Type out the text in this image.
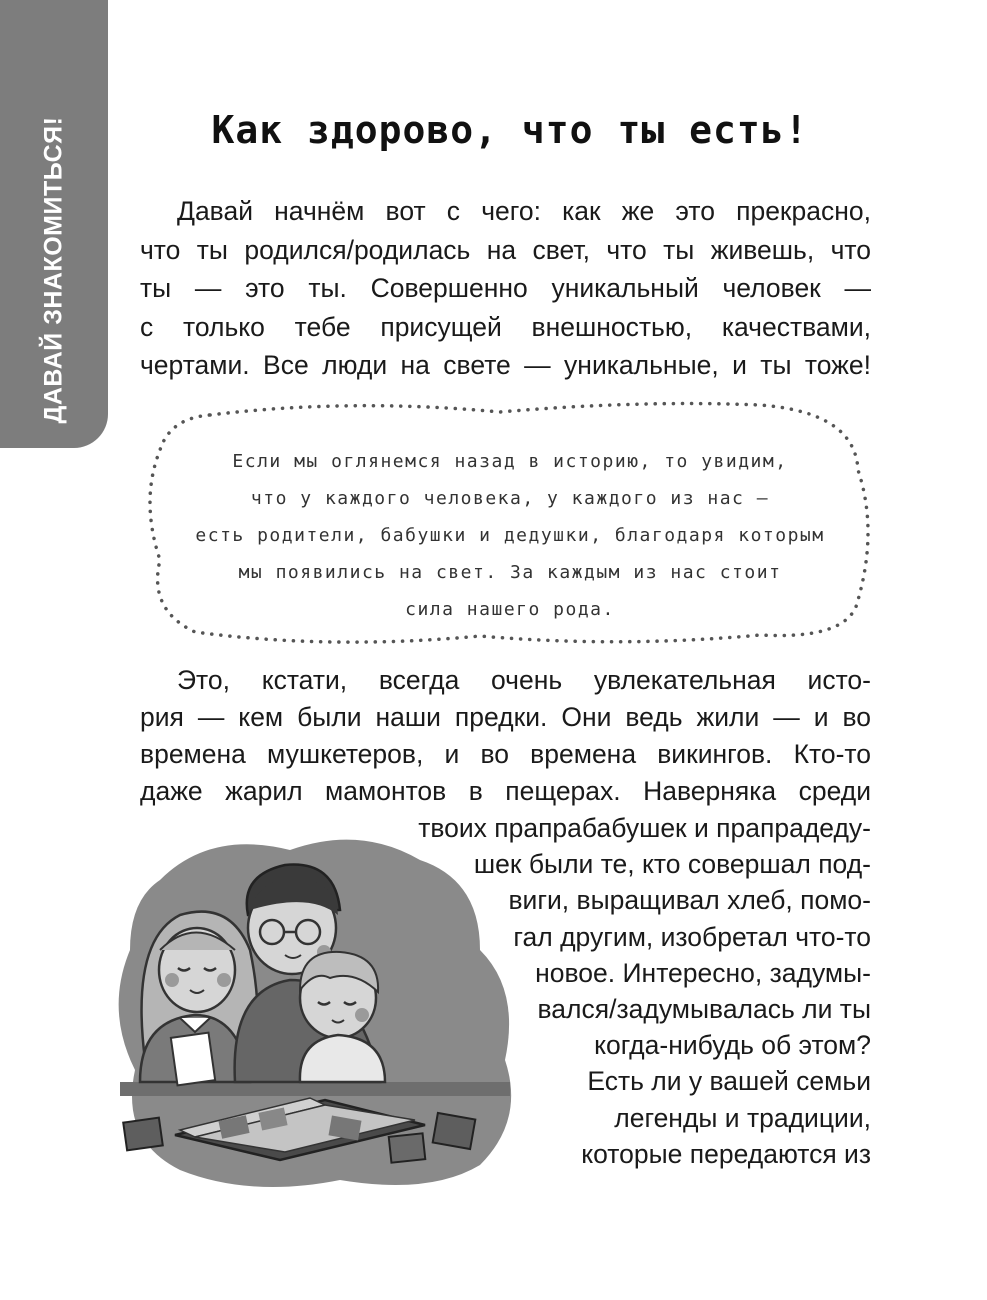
ДАВАЙ ЗНАКОМИТЬСЯ!	Как здорово, что ты есть!

Давай начнём вот с чего: как же это прекрасно,
что ты родился/родилась на свет, что ты живешь, что
ты — это ты. Совершенно уникальный человек —
с только тебе присущей внешностью, качествами,
чертами. Все люди на свете — уникальные, и ты тоже!

Если мы оглянемся назад в историю, то увидим,
что у каждого человека, у каждого из нас —
есть родители, бабушки и дедушки, благодаря которым
мы появились на свет. За каждым из нас стоит
сила нашего рода.

Это, кстати, всегда очень увлекательная исто-
рия — кем были наши предки. Они ведь жили — и во
времена мушкетеров, и во времена викингов. Кто-то
даже жарил мамонтов в пещерах. Наверняка среди

твоих прапрабабушек и прапрадеду-
шек были те, кто совершал под-
виги, выращивал хлеб, помо-
гал другим, изобретал что-то
новое. Интересно, задумы-
вался/задумывалась ли ты
когда-нибудь об этом?
Есть ли у вашей семьи
легенды и традиции,
которые передаются из
